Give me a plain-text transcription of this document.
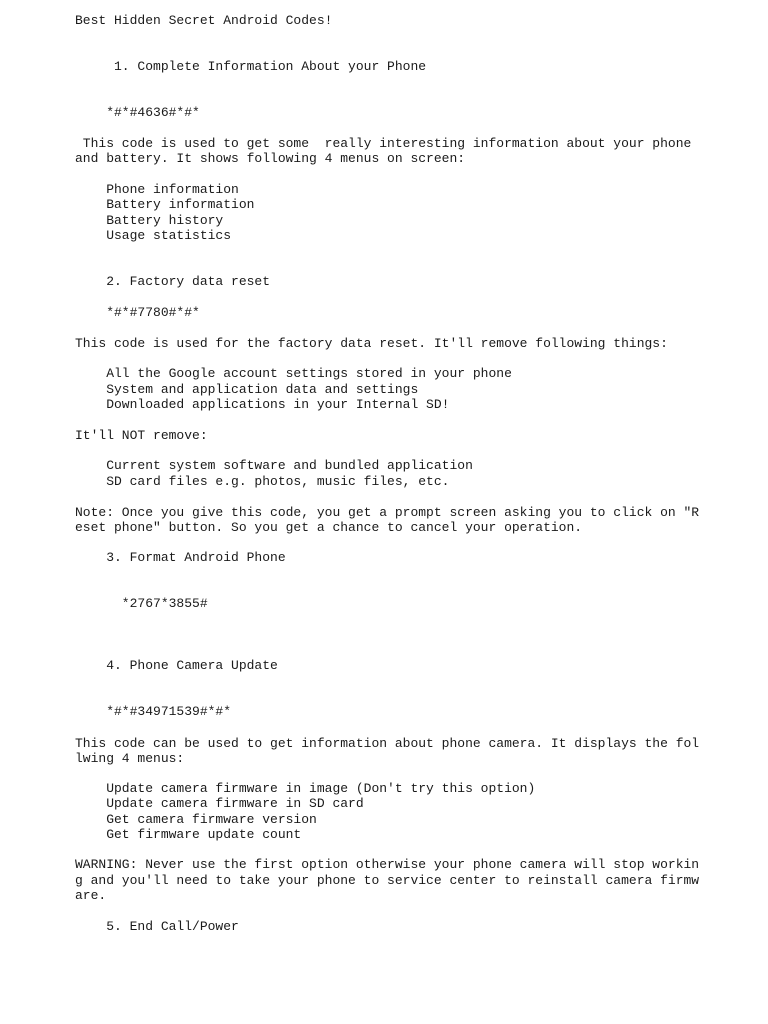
Best Hidden Secret Android Codes!

1. Complete Information About your Phone

*#*#4636#*#*

This code is used to get some  really interesting information about your phone

and battery. It shows following 4 menus on screen:

Phone information

Battery information

Battery history

Usage statistics

2. Factory data reset

*#*#7780#*#*

This code is used for the factory data reset. It'll remove following things:

All the Google account settings stored in your phone

System and application data and settings

Downloaded applications in your Internal SD!

It'll NOT remove:

Current system software and bundled application

SD card files e.g. photos, music files, etc.

Note: Once you give this code, you get a prompt screen asking you to click on "R

eset phone" button. So you get a chance to cancel your operation.

3. Format Android Phone

*2767*3855#

4. Phone Camera Update

*#*#34971539#*#*

This code can be used to get information about phone camera. It displays the fol

lwing 4 menus:

Update camera firmware in image (Don't try this option)

Update camera firmware in SD card

Get camera firmware version

Get firmware update count

WARNING: Never use the first option otherwise your phone camera will stop workin

g and you'll need to take your phone to service center to reinstall camera firmw

are.

5. End Call/Power
